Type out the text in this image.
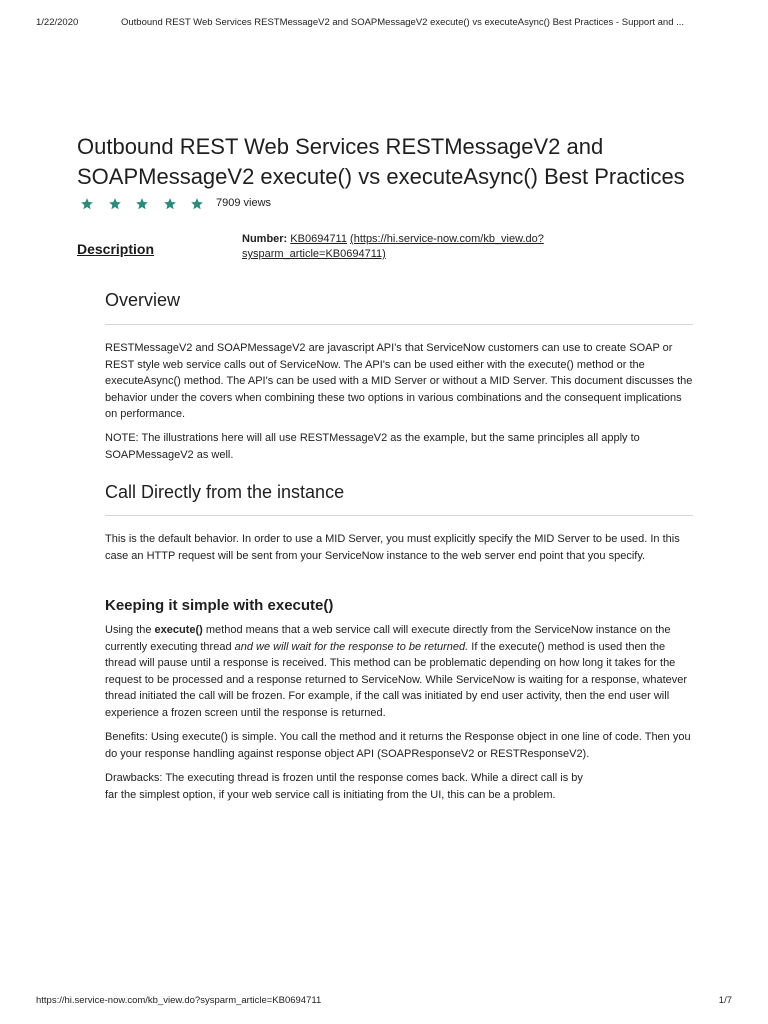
1/22/2020	Outbound REST Web Services RESTMessageV2 and SOAPMessageV2 execute() vs executeAsync() Best Practices - Support and ...
Outbound REST Web Services RESTMessageV2 and SOAPMessageV2 execute() vs executeAsync() Best Practices
7909 views
Description
Number: KB0694711 (https://hi.service-now.com/kb_view.do?sysparm_article=KB0694711)
Overview

RESTMessageV2 and SOAPMessageV2 are javascript API's that ServiceNow customers can use to create SOAP or REST style web service calls out of ServiceNow. The API's can be used either with the execute() method or the executeAsync() method. The API's can be used with a MID Server or without a MID Server. This document discusses the behavior under the covers when combining these two options in various combinations and the consequent implications on performance.

NOTE: The illustrations here will all use RESTMessageV2 as the example, but the same principles all apply to SOAPMessageV2 as well.

Call Directly from the instance

This is the default behavior. In order to use a MID Server, you must explicitly specify the MID Server to be used. In this case an HTTP request will be sent from your ServiceNow instance to the web server end point that you specify.

Keeping it simple with execute()

Using the execute() method means that a web service call will execute directly from the ServiceNow instance on the currently executing thread and we will wait for the response to be returned. If the execute() method is used then the thread will pause until a response is received. This method can be problematic depending on how long it takes for the request to be processed and a response returned to ServiceNow. While ServiceNow is waiting for a response, whatever thread initiated the call will be frozen. For example, if the call was initiated by end user activity, then the end user will experience a frozen screen until the response is returned.

Benefits: Using execute() is simple. You call the method and it returns the Response object in one line of code. Then you do your response handling against response object API (SOAPResponseV2 or RESTResponseV2).

Drawbacks: The executing thread is frozen until the response comes back. While a direct call is by
far the simplest option, if your web service call is initiating from the UI, this can be a problem.

https://hi.service-now.com/kb_view.do?sysparm_article=KB0694711	1/7
